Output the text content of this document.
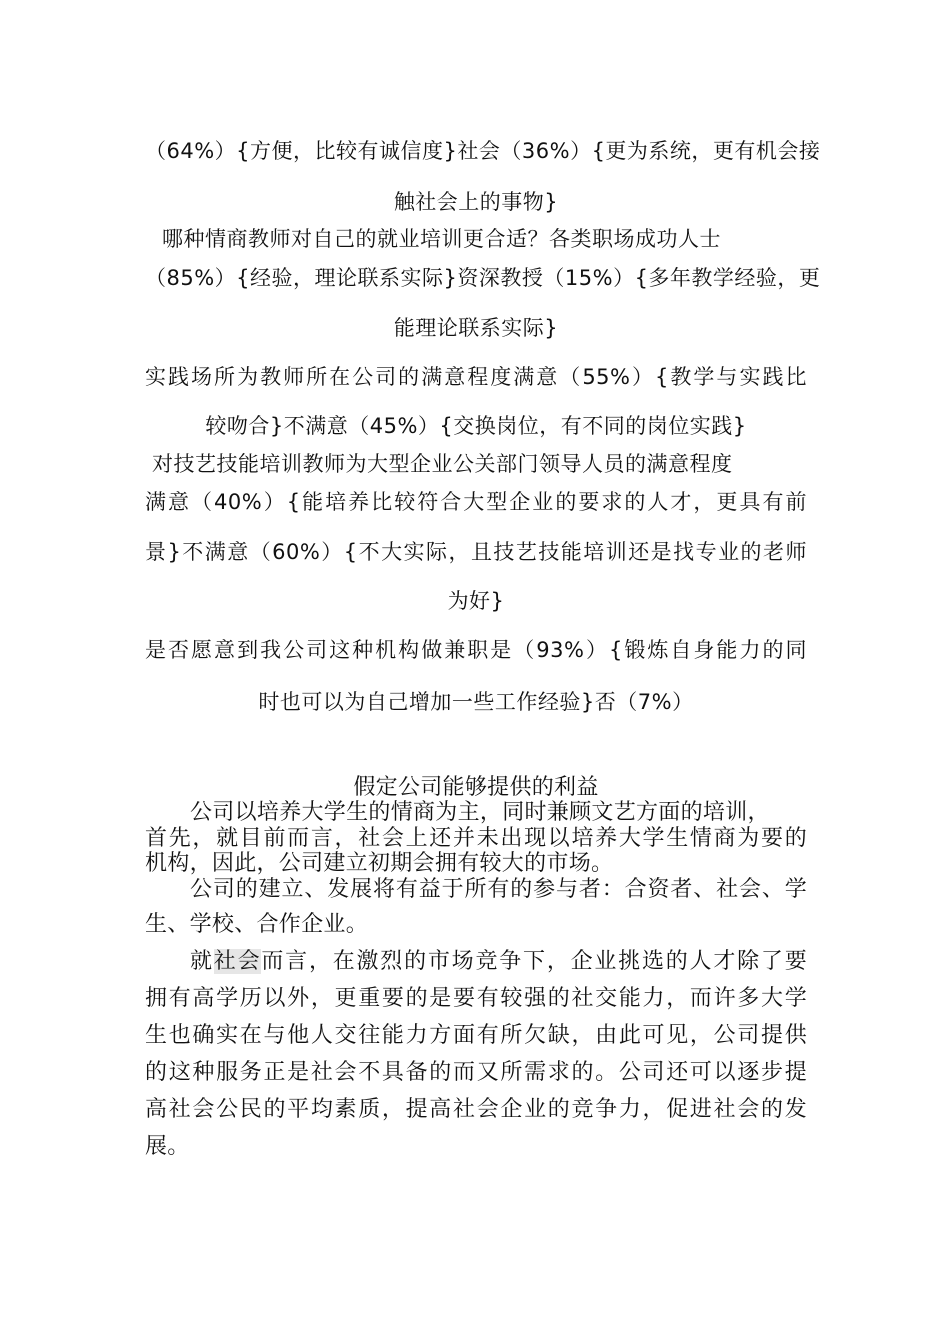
（64%）{方便，比较有诚信度}社会（36%）{更为系统，更有机会接
触社会上的事物}
哪种情商教师对自己的就业培训更合适？各类职场成功人士
（85%）{经验，理论联系实际}资深教授（15%）{多年教学经验，更
能理论联系实际}
实践场所为教师所在公司的满意程度满意（55%）{教学与实践比
较吻合}不满意（45%）{交换岗位，有不同的岗位实践}
对技艺技能培训教师为大型企业公关部门领导人员的满意程度
满意（40%）{能培养比较符合大型企业的要求的人才，更具有前
景}不满意（60%）{不大实际，且技艺技能培训还是找专业的老师
为好}
是否愿意到我公司这种机构做兼职是（93%）{锻炼自身能力的同
时也可以为自己增加一些工作经验}否（7%）
假定公司能够提供的利益
公司以培养大学生的情商为主，同时兼顾文艺方面的培训，
首先，就目前而言，社会上还并未出现以培养大学生情商为要的
机构，因此，公司建立初期会拥有较大的市场。
公司的建立、发展将有益于所有的参与者：合资者、社会、学
生、学校、合作企业。
就社会而言，在激烈的市场竞争下，企业挑选的人才除了要
拥有高学历以外，更重要的是要有较强的社交能力，而许多大学
生也确实在与他人交往能力方面有所欠缺，由此可见，公司提供
的这种服务正是社会不具备的而又所需求的。公司还可以逐步提
高社会公民的平均素质，提高社会企业的竞争力，促进社会的发
展。
